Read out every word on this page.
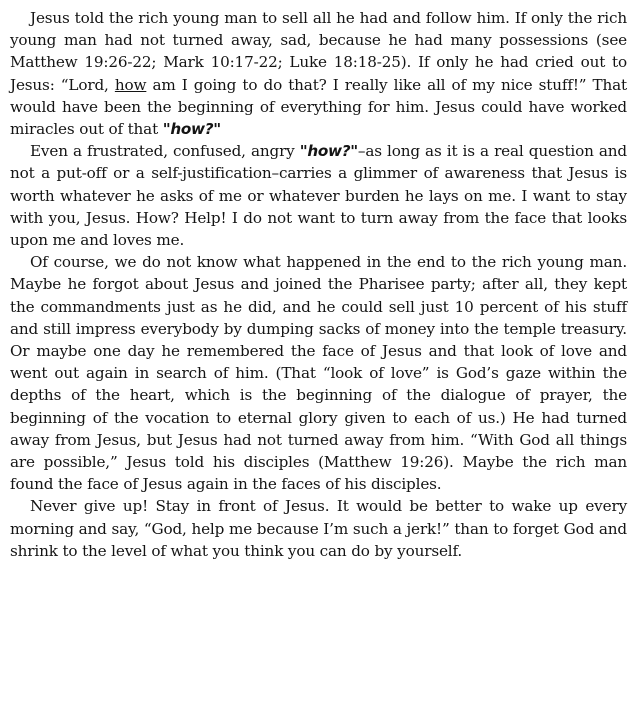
Jesus told the rich young man to sell all he had and follow him. If only the rich young man had not turned away, sad, because he had many possessions (see Matthew 19:26-22; Mark 10:17-22; Luke 18:18-25). If only he had cried out to Jesus: “Lord, how am I going to do that? I really like all of my nice stuff!” That would have been the beginning of everything for him. Jesus could have worked miracles out of that "how?"

Even a frustrated, confused, angry "how?"–as long as it is a real question and not a put-off or a self-justification–carries a glimmer of awareness that Jesus is worth whatever he asks of me or whatever burden he lays on me. I want to stay with you, Jesus. How? Help! I do not want to turn away from the face that looks upon me and loves me.

Of course, we do not know what happened in the end to the rich young man. Maybe he forgot about Jesus and joined the Pharisee party; after all, they kept the commandments just as he did, and he could sell just 10 percent of his stuff and still impress everybody by dumping sacks of money into the temple treasury. Or maybe one day he remembered the face of Jesus and that look of love and went out again in search of him. (That “look of love” is God’s gaze within the depths of the heart, which is the beginning of the dialogue of prayer, the beginning of the vocation to eternal glory given to each of us.) He had turned away from Jesus, but Jesus had not turned away from him. “With God all things are possible,” Jesus told his disciples (Matthew 19:26). Maybe the rich man found the face of Jesus again in the faces of his disciples.

Never give up! Stay in front of Jesus. It would be better to wake up every morning and say, “God, help me because I’m such a jerk!” than to forget God and shrink to the level of what you think you can do by yourself.
